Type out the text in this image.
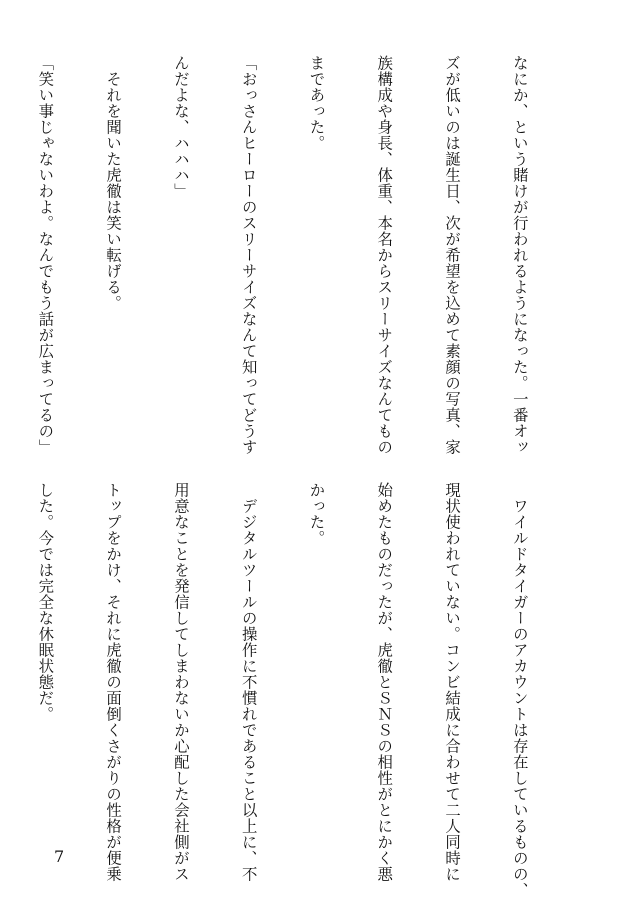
なにか、という賭けが行われるようになった。一番オッ

ズが低いのは誕生日、次が希望を込めて素顔の写真、家

族構成や身長、体重、本名からスリーサイズなんてもの

まであった。

「おっさんヒーローのスリーサイズなんて知ってどうす

んだよな、ハハハ」

　それを聞いた虎徹は笑い転げる。

「笑い事じゃないわよ。なんでもう話が広まってるの」

　ワイルドタイガーのアカウントは存在しているものの、

現状使われていない。コンビ結成に合わせて二人同時に

始めたものだったが、虎徹とＳＮＳの相性がとにかく悪

かった。

　デジタルツールの操作に不慣れであること以上に、不

用意なことを発信してしまわないか心配した会社側がス

トップをかけ、それに虎徹の面倒くさがりの性格が便乗

した。今では完全な休眠状態だ。

7
